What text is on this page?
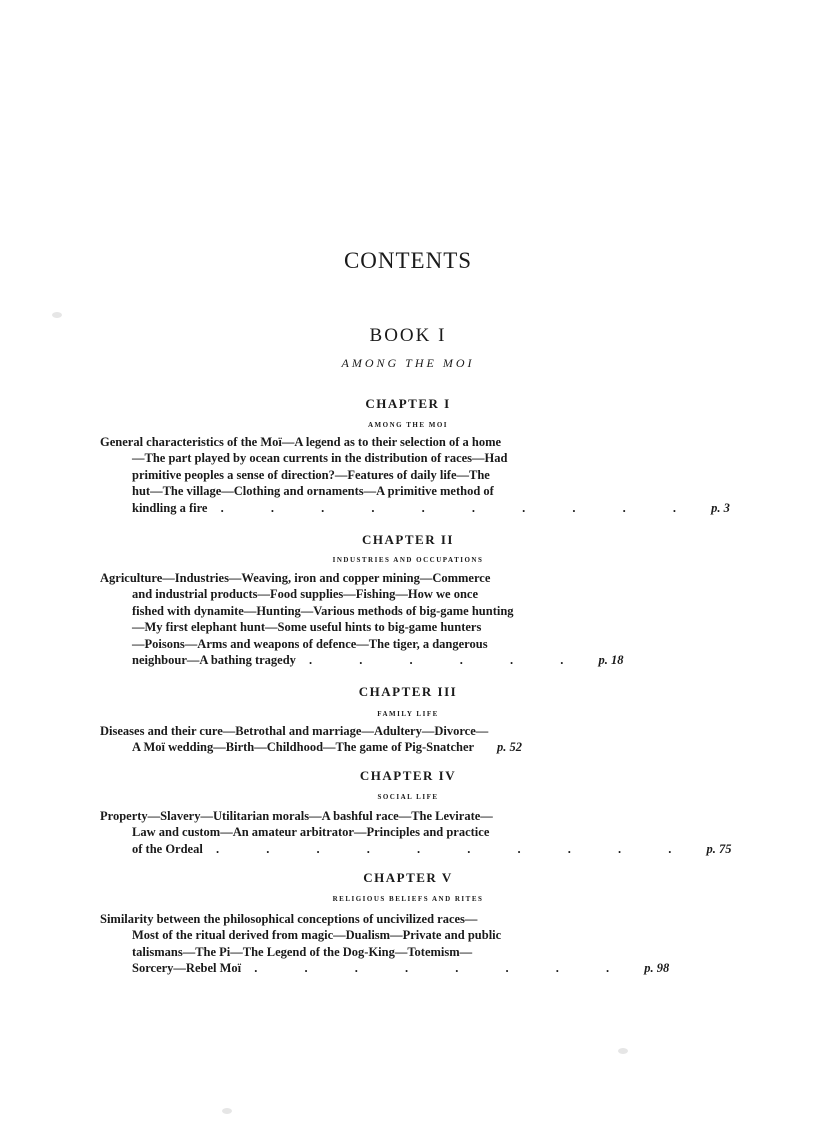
CONTENTS
BOOK I
AMONG THE MOI
CHAPTER I
AMONG THE MOI
General characteristics of the Moï—A legend as to their selection of a home
—The part played by ocean currents in the distribution of races—Had
primitive peoples a sense of direction?—Features of daily life—The
hut—The village—Clothing and ornaments—A primitive method of
kindling a fire . . . . . . . . . . p. 3
CHAPTER II
INDUSTRIES AND OCCUPATIONS
Agriculture—Industries—Weaving, iron and copper mining—Commerce
and industrial products—Food supplies—Fishing—How we once
fished with dynamite—Hunting—Various methods of big-game hunting
—My first elephant hunt—Some useful hints to big-game hunters
—Poisons—Arms and weapons of defence—The tiger, a dangerous
neighbour—A bathing tragedy . . . . . . p. 18
CHAPTER III
FAMILY LIFE
Diseases and their cure—Betrothal and marriage—Adultery—Divorce—
A Moï wedding—Birth—Childhood—The game of Pig-Snatcher p. 52
CHAPTER IV
SOCIAL LIFE
Property—Slavery—Utilitarian morals—A bashful race—The Levirate—
Law and custom—An amateur arbitrator—Principles and practice
of the Ordeal . . . . . . . . . . p. 75
CHAPTER V
RELIGIOUS BELIEFS AND RITES
Similarity between the philosophical conceptions of uncivilized races—
Most of the ritual derived from magic—Dualism—Private and public
talismans—The Pi—The Legend of the Dog-King—Totemism—
Sorcery—Rebel Moï . . . . . . . . p. 98
